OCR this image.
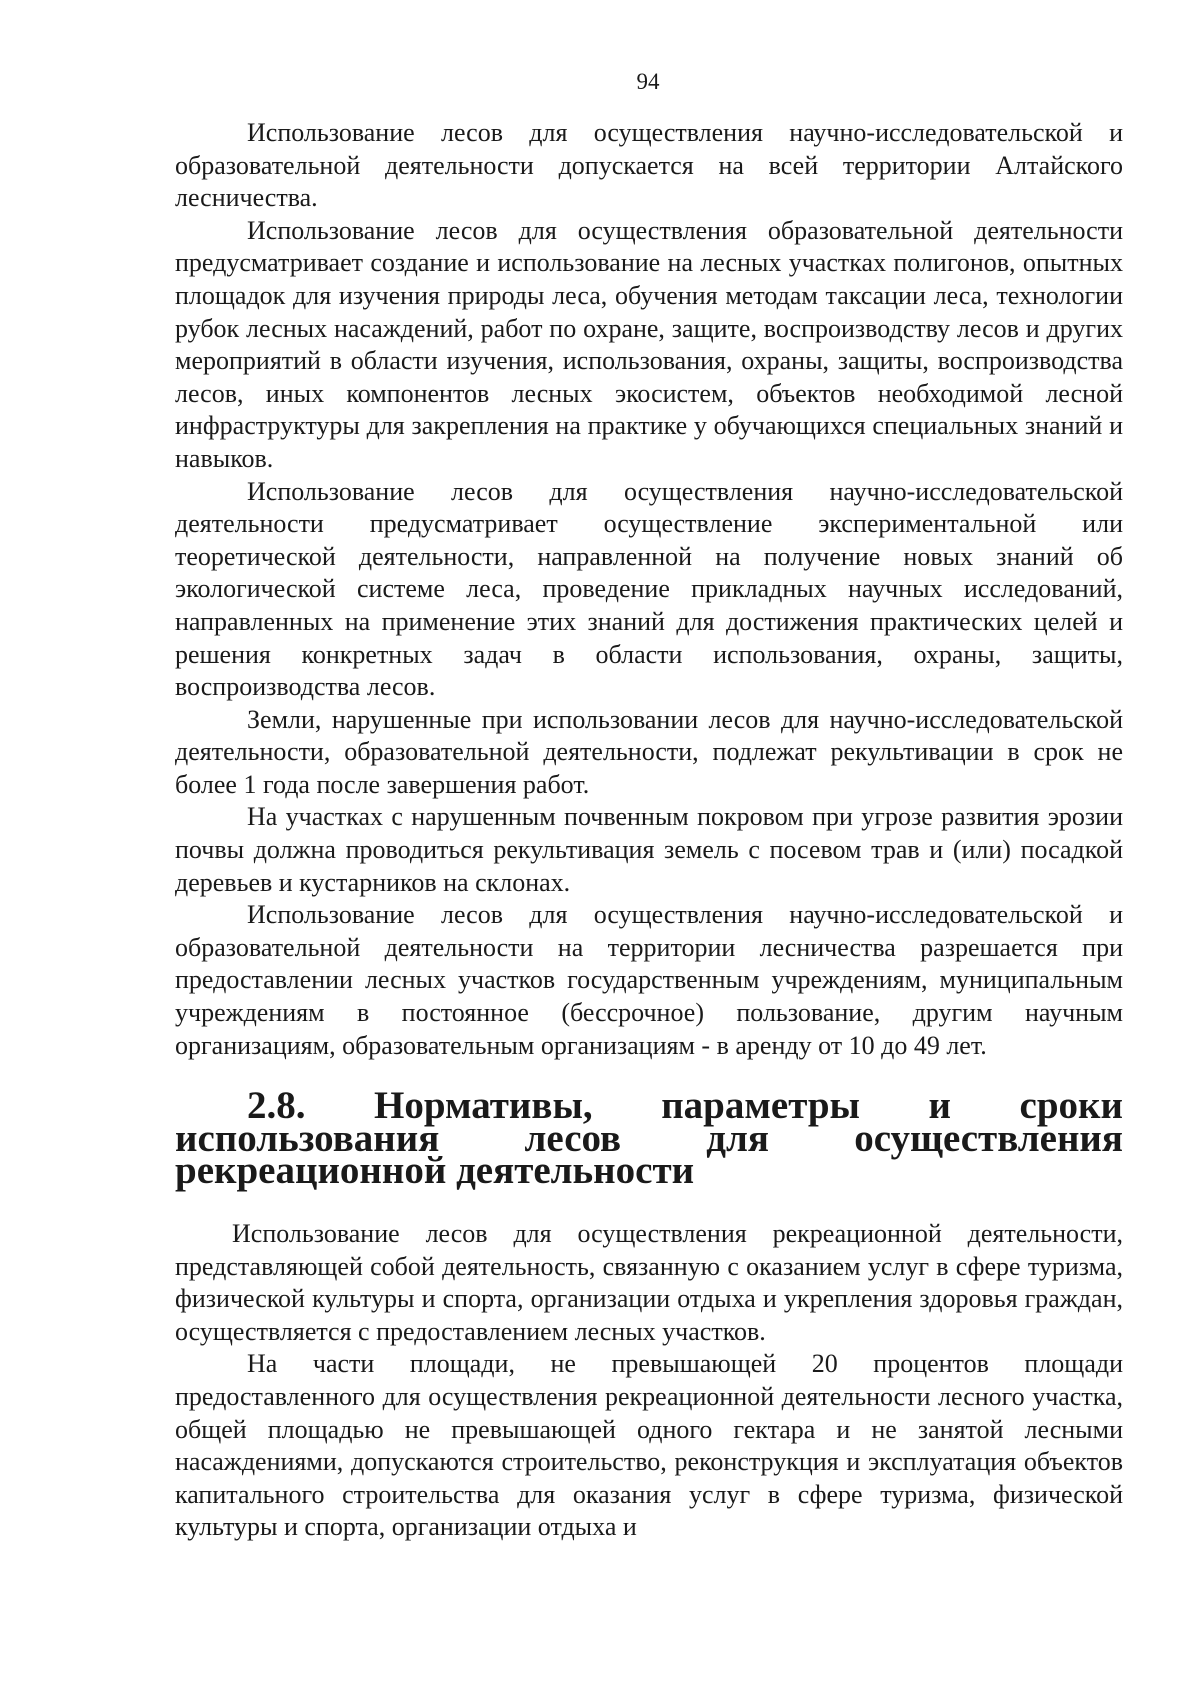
94

Использование лесов для осуществления научно-исследовательской и образовательной деятельности допускается на всей территории Алтайского лесничества.

Использование лесов для осуществления образовательной деятельности предусматривает создание и использование на лесных участках полигонов, опытных площадок для изучения природы леса, обучения методам таксации леса, технологии рубок лесных насаждений, работ по охране, защите, воспроизводству лесов и других мероприятий в области изучения, использования, охраны, защиты, воспроизводства лесов, иных компонентов лесных экосистем, объектов необходимой лесной инфраструктуры для закрепления на практике у обучающихся специальных знаний и навыков.

Использование лесов для осуществления научно-исследовательской деятельности предусматривает осуществление экспериментальной или теоретической деятельности, направленной на получение новых знаний об экологической системе леса, проведение прикладных научных исследований, направленных на применение этих знаний для достижения практических целей и решения конкретных задач в области использования, охраны, защиты, воспроизводства лесов.

Земли, нарушенные при использовании лесов для научно-исследовательской деятельности, образовательной деятельности, подлежат рекультивации в срок не более 1 года после завершения работ.

На участках с нарушенным почвенным покровом при угрозе развития эрозии почвы должна проводиться рекультивация земель с посевом трав и (или) посадкой деревьев и кустарников на склонах.

Использование лесов для осуществления научно-исследовательской и образовательной деятельности на территории лесничества разрешается при предоставлении лесных участков государственным учреждениям, муниципальным учреждениям в постоянное (бессрочное) пользование, другим научным организациям, образовательным организациям - в аренду от 10 до 49 лет.

2.8. Нормативы, параметры и сроки использования лесов для осуществления рекреационной деятельности

Использование лесов для осуществления рекреационной деятельности, представляющей собой деятельность, связанную с оказанием услуг в сфере туризма, физической культуры и спорта, организации отдыха и укрепления здоровья граждан, осуществляется с предоставлением лесных участков.

На части площади, не превышающей 20 процентов площади предоставленного для осуществления рекреационной деятельности лесного участка, общей площадью не превышающей одного гектара и не занятой лесными насаждениями, допускаются строительство, реконструкция и эксплуатация объектов капитального строительства для оказания услуг в сфере туризма, физической культуры и спорта, организации отдыха и
